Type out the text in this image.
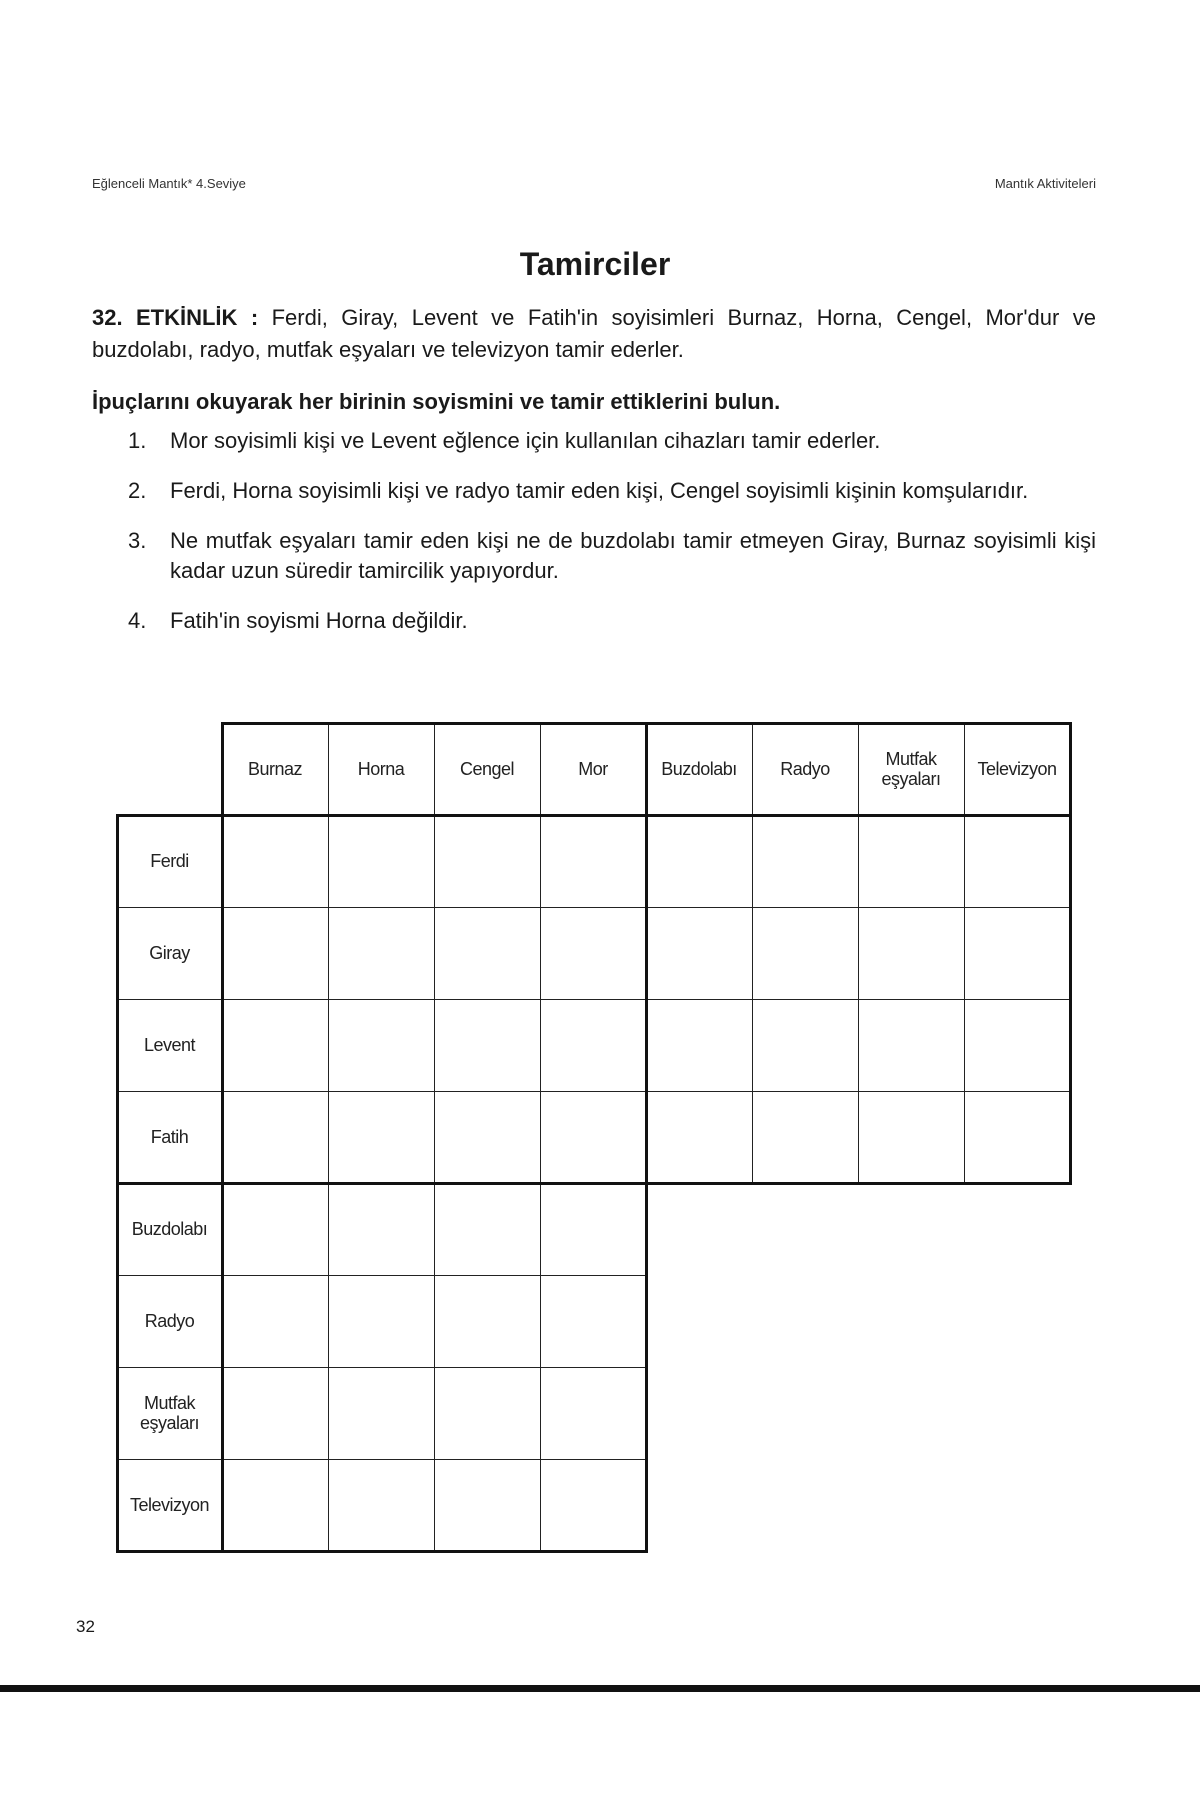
Eğlenceli Mantık* 4.Seviye	Mantık Aktiviteleri
Tamirciler
32. ETKİNLİK : Ferdi, Giray, Levent ve Fatih'in soyisimleri Burnaz, Horna, Cengel, Mor'dur ve buzdolabı, radyo, mutfak eşyaları ve televizyon tamir ederler.
İpuçlarını okuyarak her birinin soyismini ve tamir ettiklerini bulun.
1.	Mor soyisimli kişi ve Levent eğlence için kullanılan cihazları tamir ederler.
2.	Ferdi, Horna soyisimli kişi ve radyo tamir eden kişi, Cengel soyisimli kişinin komşularıdır.
3.	Ne mutfak eşyaları tamir eden kişi ne de buzdolabı tamir etmeyen Giray, Burnaz soyisimli kişi kadar uzun süredir tamircilik yapıyordur.
4.	Fatih'in soyismi Horna değildir.
Burnaz	Horna	Cengel	Mor	Buzdolabı	Radyo	Mutfak eşyaları	Televizyon
Ferdi
Giray
Levent
Fatih
Buzdolabı
Radyo
Mutfak eşyaları
Televizyon
32
